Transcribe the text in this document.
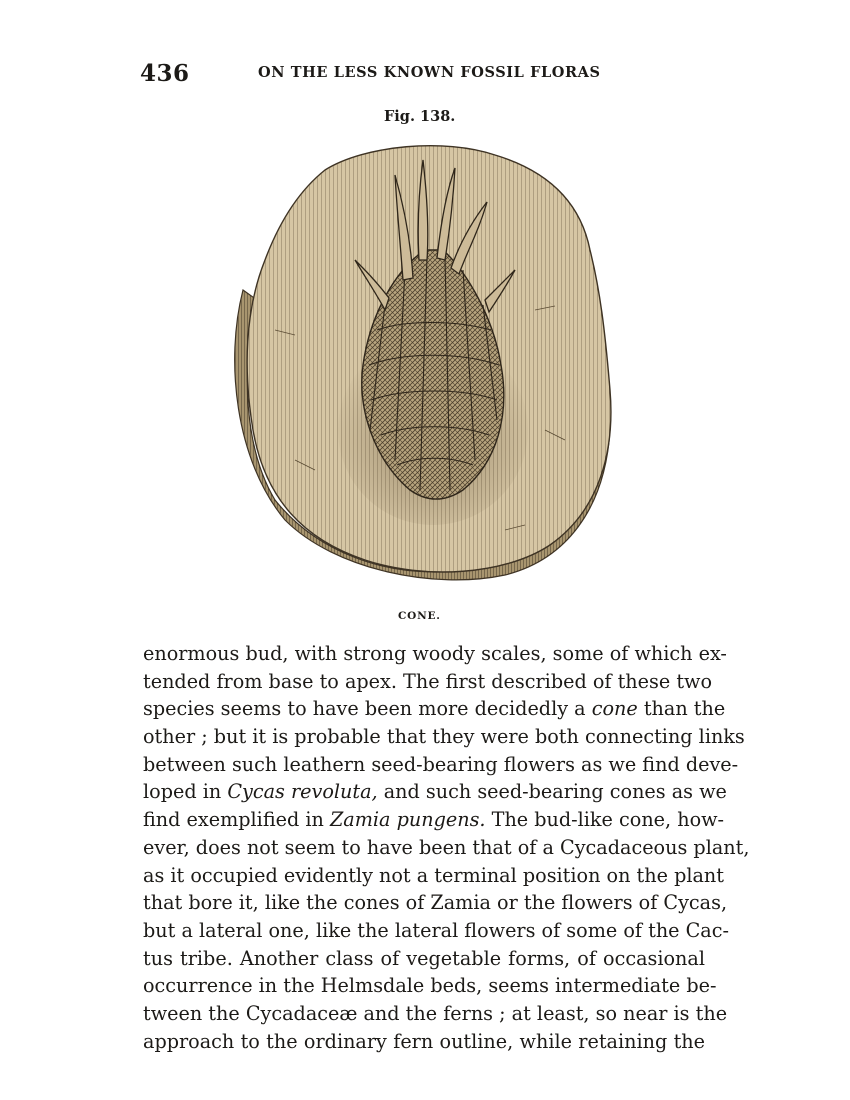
436	ON THE LESS KNOWN FOSSIL FLORAS
Fig. 138.
CONE.
enormous bud, with strong woody scales, some of which ex-
tended from base to apex. The first described of these two
species seems to have been more decidedly a cone than the
other ; but it is probable that they were both connecting links
between such leathern seed-bearing flowers as we find deve-
loped in Cycas revoluta, and such seed-bearing cones as we
find exemplified in Zamia pungens. The bud-like cone, how-
ever, does not seem to have been that of a Cycadaceous plant,
as it occupied evidently not a terminal position on the plant
that bore it, like the cones of Zamia or the flowers of Cycas,
but a lateral one, like the lateral flowers of some of the Cac-
tus tribe. Another class of vegetable forms, of occasional
occurrence in the Helmsdale beds, seems intermediate be-
tween the Cycadaceæ and the ferns ; at least, so near is the
approach to the ordinary fern outline, while retaining the
